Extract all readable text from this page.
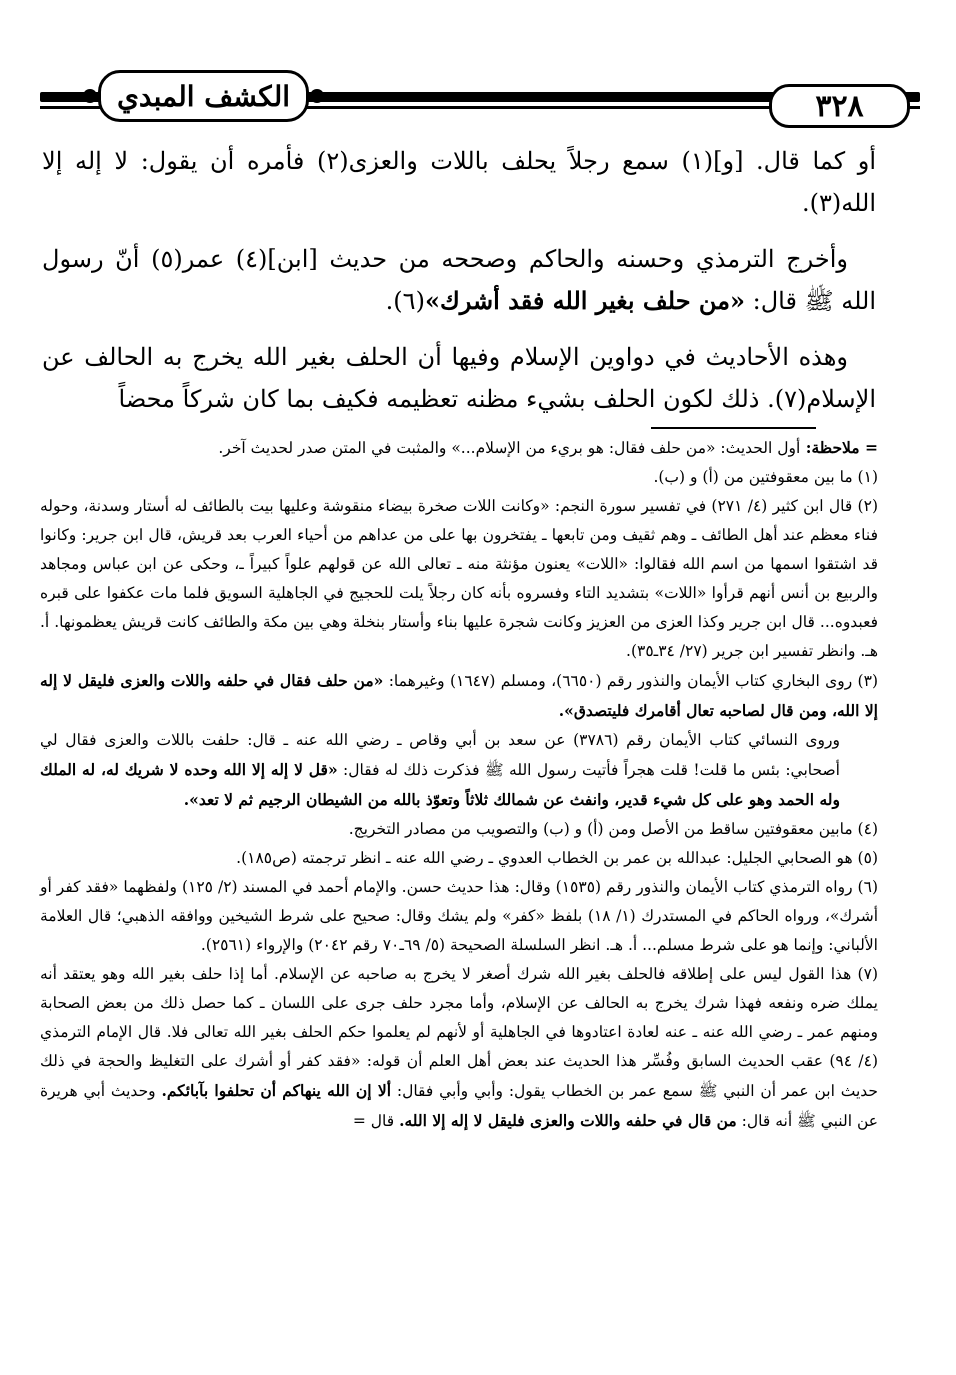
٣٢٨
الكشف المبدي

أو كما قال. [و](١) سمع رجلاً يحلف باللات والعزى(٢) فأمره أن يقول: لا إله إلا الله(٣).

وأخرج الترمذي وحسنه والحاكم وصححه من حديث [ابن](٤) عمر(٥) أنّ رسول الله ﷺ قال: «من حلف بغير الله فقد أشرك»(٦).

وهذه الأحاديث في دواوين الإسلام وفيها أن الحلف بغير الله يخرج به الحالف عن الإسلام(٧). ذلك لكون الحلف بشيء مظنه تعظيمه فكيف بما كان شركاً محضاً

= ملاحظة: أول الحديث: «من حلف فقال: هو بريء من الإسلام...» والمثبت في المتن صدر لحديث آخر.

(١) ما بين معقوفتين من (أ) و (ب).

(٢) قال ابن كثير (٤/ ٢٧١) في تفسير سورة النجم: «وكانت اللات صخرة بيضاء منقوشة وعليها بيت بالطائف له أستار وسدنة، وحوله فناء معظم عند أهل الطائف ـ وهم ثقيف ومن تابعها ـ يفتخرون بها على من عداهم من أحياء العرب بعد قريش، قال ابن جرير: وكانوا قد اشتقوا اسمها من اسم الله فقالوا: «اللات» يعنون مؤنثة منه ـ تعالى الله عن قولهم علواً كبيراً ـ، وحكى عن ابن عباس ومجاهد والربيع بن أنس أنهم قرأوا «اللات» بتشديد التاء وفسروه بأنه كان رجلاً يلت للحجيج في الجاهلية السويق فلما مات عكفوا على قبره فعبدوه... قال ابن جرير وكذا العزى من العزيز وكانت شجرة عليها بناء وأستار بنخلة وهي بين مكة والطائف كانت قريش يعظمونها. أ. هـ. وانظر تفسير ابن جرير (٢٧/ ٣٤ـ٣٥).

(٣) روى البخاري كتاب الأيمان والنذور رقم (٦٦٥٠)، ومسلم (١٦٤٧) وغيرهما: «من حلف فقال في حلفه واللات والعزى فليقل لا إله إلا الله، ومن قال لصاحبه تعال أقامرك فليتصدق».

وروى النسائي كتاب الأيمان رقم (٣٧٨٦) عن سعد بن أبي وقاص ـ رضي الله عنه ـ قال: حلفت باللات والعزى فقال لي أصحابي: بئس ما قلت! قلت هجراً فأتيت رسول الله ﷺ فذكرت ذلك له فقال: «قل لا إله إلا الله وحده لا شريك له، له الملك وله الحمد وهو على كل شيء قدير، وانفث عن شمالك ثلاثاً وتعوّذ بالله من الشيطان الرجيم ثم لا تعد».

(٤) مابين معقوفتين ساقط من الأصل ومن (أ) و (ب) والتصويب من مصادر التخريج.

(٥) هو الصحابي الجليل: عبدالله بن عمر بن الخطاب العدوي ـ رضي الله عنه ـ انظر ترجمته (ص١٨٥).

(٦) رواه الترمذي كتاب الأيمان والنذور رقم (١٥٣٥) وقال: هذا حديث حسن. والإمام أحمد في المسند (٢/ ١٢٥) ولفظهما «فقد كفر أو أشرك»، ورواه الحاكم في المستدرك (١/ ١٨) بلفظ «كفر» ولم يشك وقال: صحيح على شرط الشيخين ووافقه الذهبي؛ قال العلامة الألباني: وإنما هو على شرط مسلم... أ. هـ. انظر السلسلة الصحيحة (٥/ ٦٩ـ٧٠ رقم ٢٠٤٢) والإرواء (٢٥٦١).

(٧) هذا القول ليس على إطلاقه فالحلف بغير الله شرك أصغر لا يخرج به صاحبه عن الإسلام. أما إذا حلف بغير الله وهو يعتقد أنه يملك ضره ونفعه فهذا شرك يخرج به الحالف عن الإسلام، وأما مجرد حلف جرى على اللسان ـ كما حصل ذلك من بعض الصحابة ومنهم عمر ـ رضي الله عنه ـ عنه لعادة اعتادوها في الجاهلية أو لأنهم لم يعلموا حكم الحلف بغير الله تعالى فلا. قال الإمام الترمذي (٤/ ٩٤) عقب الحديث السابق وفُسِّر هذا الحديث عند بعض أهل العلم أن قوله: «فقد كفر أو أشرك على التغليظ والحجة في ذلك حديث ابن عمر أن النبي ﷺ سمع عمر بن الخطاب يقول: وأبي وأبي فقال: ألا إن الله ينهاكم أن تحلفوا بآبائكم. وحديث أبي هريرة عن النبي ﷺ أنه قال: من قال في حلفه واللات والعزى فليقل لا إله إلا الله. قال =
